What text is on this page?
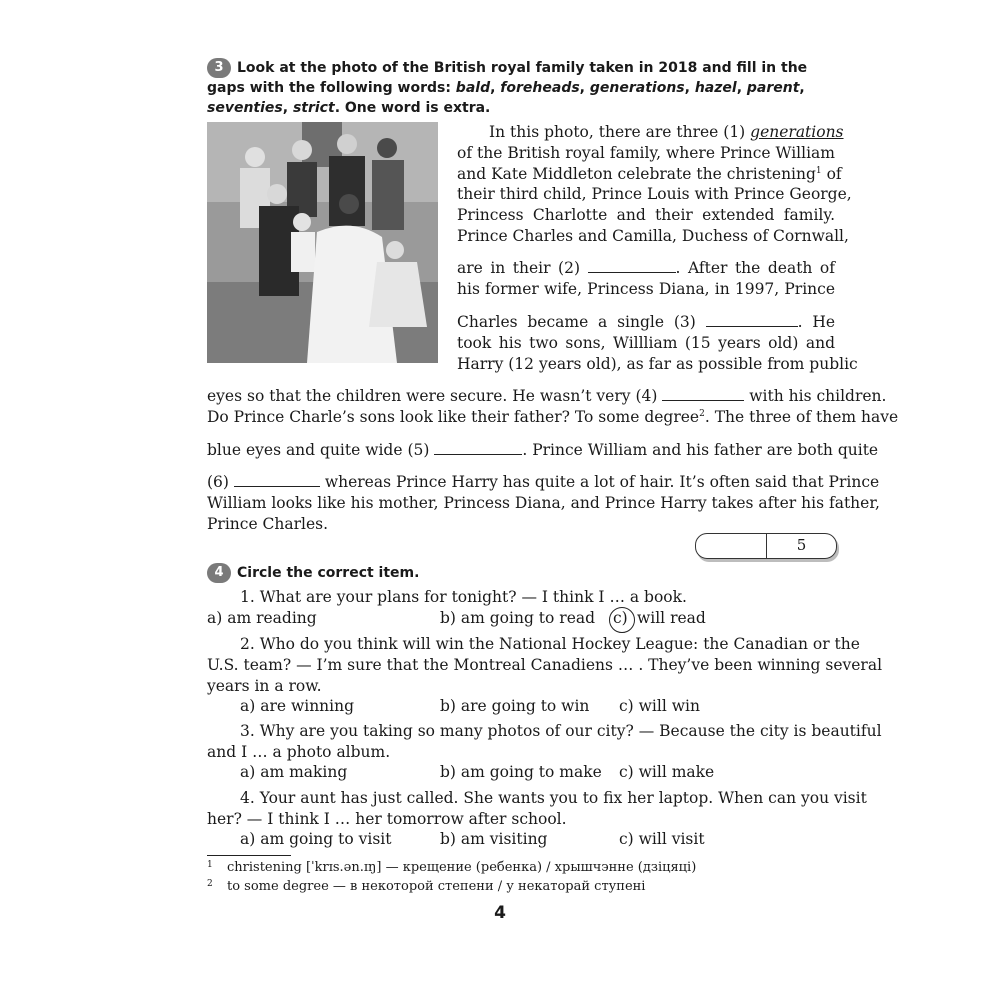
3 Look at the photo of the British royal family taken in 2018 and fill in the gaps with the following words: bald, foreheads, generations, hazel, parent, seventies, strict. One word is extra.
In this photo, there are three (1) generations
of the British royal family, where Prince William
and Kate Middleton celebrate the christening$^1$ of
their third child, Prince Louis with Prince George,
Princess Charlotte and their extended family.
Prince Charles and Camilla, Duchess of Cornwall,
are in their (2)	. After the death of
his former wife, Princess Diana, in 1997, Prince
Charles became a single (3)	. He
took his two sons, Willliam (15 years old) and
Harry (12 years old), as far as possible from public
eyes so that the children were secure. He wasn’t very (4)	with his children.
Do Prince Charle’s sons look like their father? To some degree$^2$. The three of them have
blue eyes and quite wide (5)	. Prince William and his father are both quite
(6)	whereas Prince Harry has quite a lot of hair. It’s often said that Prince
William looks like his mother, Princess Diana, and Prince Harry takes after his father,
Prince Charles.
5
4 Circle the correct item.
1. What are your plans for tonight? — I think I … a book.
a) am reading	b) am going to read c) will read
2. Who do you think will win the National Hockey League: the Canadian or the
U.S. team? — I’m sure that the Montreal Canadiens … . They’ve been winning several
years in a row.
a) are winning	b) are going to win c) will win
3. Why are you taking so many photos of our city? — Because the city is beautiful
and I … a photo album.
a) am making	b) am going to make c) will make
4. Your aunt has just called. She wants you to fix her laptop. When can you visit
her? — I think I … her tomorrow after school.
a) am going to visit	b) am visiting	c) will visit
1 christening [ˈkrɪs.ən.ɪŋ] — крещение (ребенка) / хрышчэнне (дзіцяці)
2 to some degree — в некоторой степени / у некаторай ступені
4
